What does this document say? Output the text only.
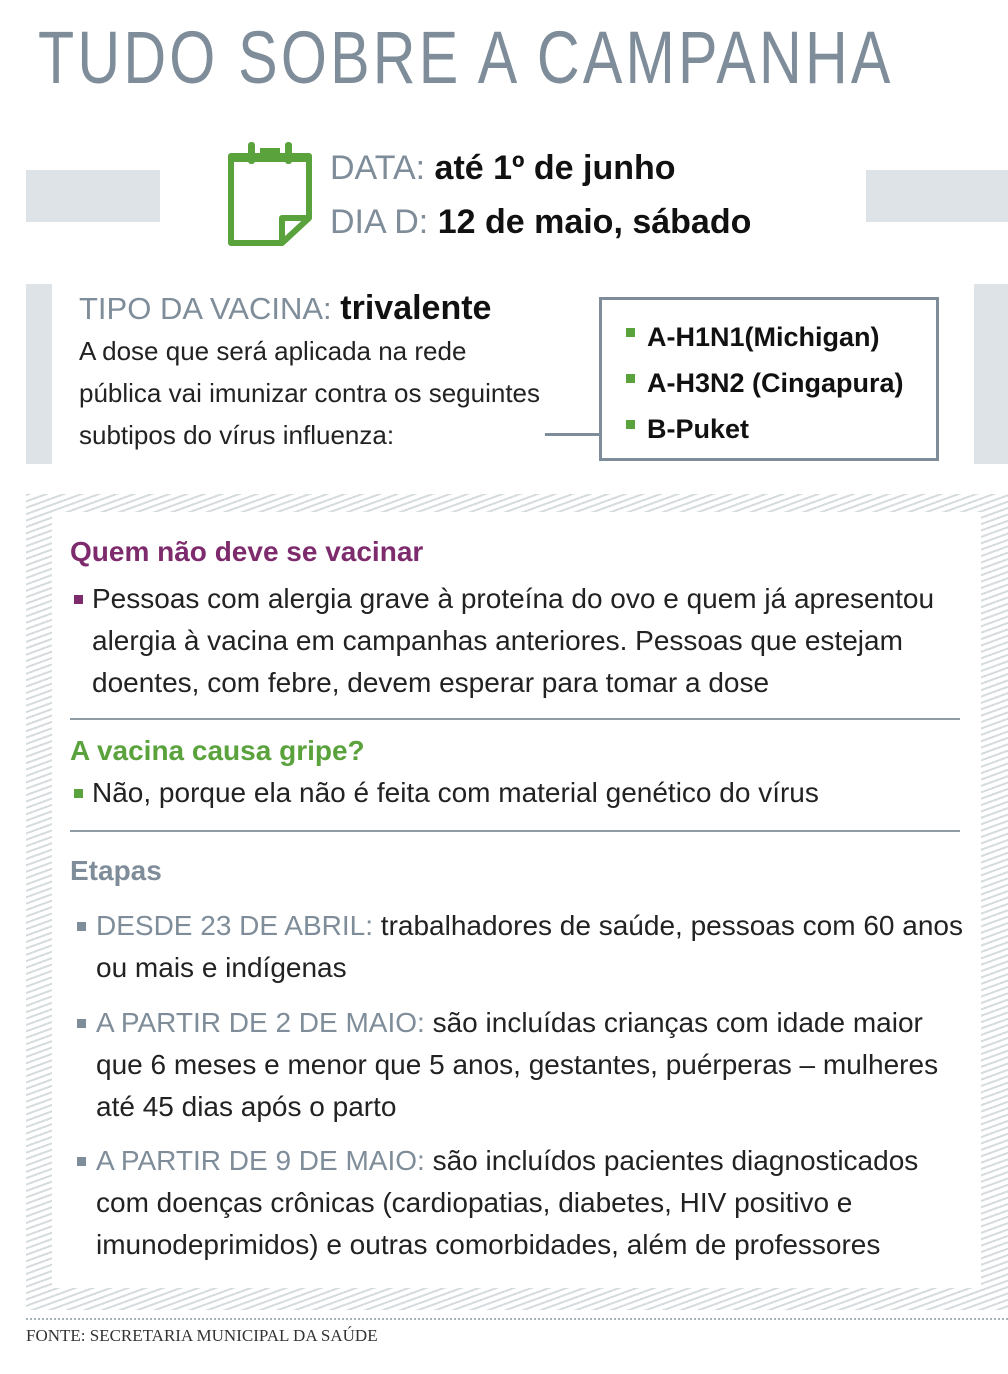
TUDO SOBRE A CAMPANHA
DATA: até 1º de junho
DIA D: 12 de maio, sábado
TIPO DA VACINA: trivalente
A dose que será aplicada na rede pública vai imunizar contra os seguintes subtipos do vírus influenza:
A-H1N1(Michigan)
A-H3N2 (Cingapura)
B-Puket
Quem não deve se vacinar
Pessoas com alergia grave à proteína do ovo e quem já apresentou alergia à vacina em campanhas anteriores. Pessoas que estejam doentes, com febre, devem esperar para tomar a dose
A vacina causa gripe?
Não, porque ela não é feita com material genético do vírus
Etapas
DESDE 23 DE ABRIL: trabalhadores de saúde, pessoas com 60 anos ou mais e indígenas
A PARTIR DE 2 DE MAIO: são incluídas crianças com idade maior que 6 meses e menor que 5 anos, gestantes, puérperas – mulheres até 45 dias após o parto
A PARTIR DE 9 DE MAIO: são incluídos pacientes diagnosticados com doenças crônicas (cardiopatias, diabetes, HIV positivo e imunodeprimidos) e outras comorbidades, além de professores
FONTE: SECRETARIA MUNICIPAL DA SAÚDE
